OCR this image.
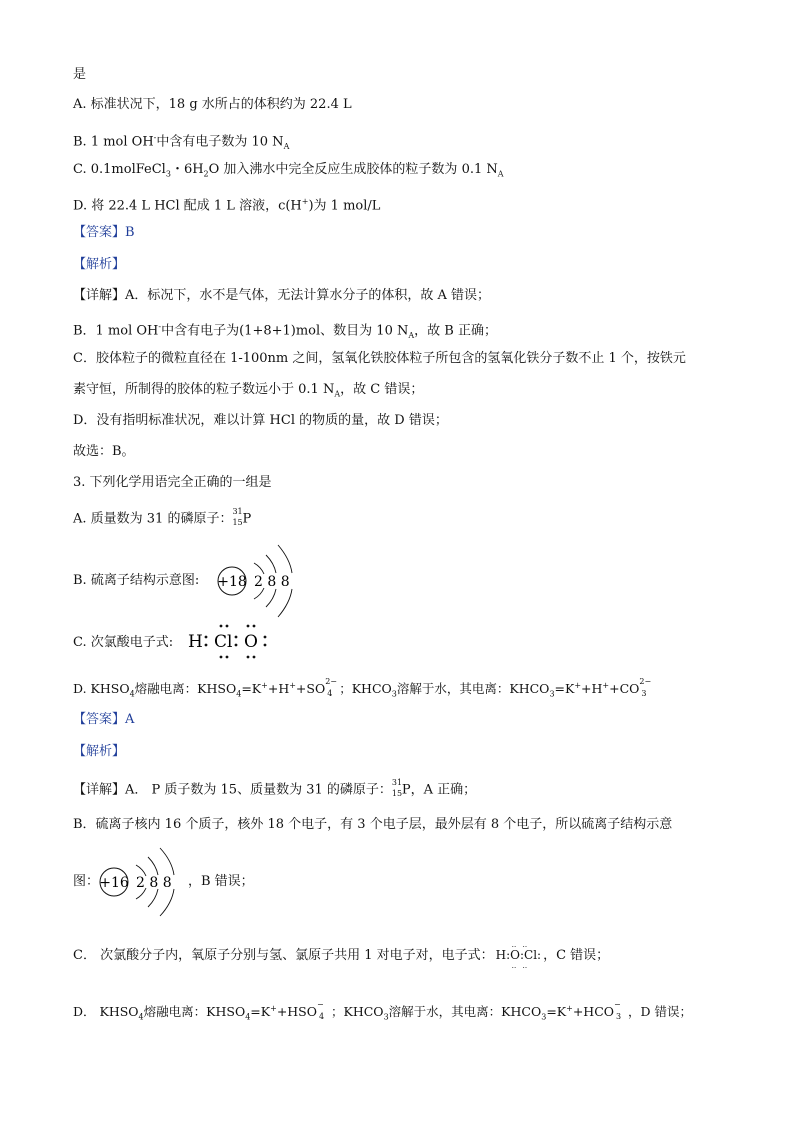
是
A. 标准状况下，18 g 水所占的体积约为 22.4 L
B. 1 mol OH-中含有电子数为 10 $N_A$
C. 0.1molFeCl$_3$・$6H_2O$ 加入沸水中完全反应生成胶体的粒子数为 0.1 $N_A$
D. 将 22.4 L HCl 配成 1 L 溶液，c(H+)为 1 mol/L
【答案】B
【解析】
【详解】A．标况下，水不是气体，无法计算水分子的体积，故 A 错误；
B．1 mol OH-中含有电子为(1+8+1)mol、数目为 10 $N_A$，故 B 正确；
C．胶体粒子的微粒直径在 1-100nm 之间，氢氧化铁胶体粒子所包含的氢氧化铁分子数不止 1 个，按铁元
素守恒，所制得的胶体的粒子数远小于 0.1 $N_A$，故 C 错误；
D．没有指明标准状况，难以计算 HCl 的物质的量，故 D 错误；
故选：B。
3. 下列化学用语完全正确的一组是
A. 质量数为 31 的磷原子： 31
15 P
B. 硫离子结构示意图: +18 2 8 8
C. 次氯酸电子式: H Cl O
D. $KHSO_4$熔融电离：$KHSO_4=K^++H^++SO$ 2−
4 ；$KHCO_3$溶解于水，其电离：$KHCO_3=K^++H^++CO$ 2−
3
【答案】A
【解析】
【详解】A． P 质子数为 15、质量数为 31 的磷原子： 31
15 P，A 正确；
B．硫离子核内 16 个质子，核外 18 个电子，有 3 个电子层，最外层有 8 个电子，所以硫离子结构示意
图： +16 2 8 8 ，B 错误；
C． 次氯酸分子内，氧原子分别与氢、氯原子共用 1 对电子对，电子式：
‥ ‥
H:O:Cl:
‥ ‥
，C 错误；
D． $KHSO_4$熔融电离：$KHSO_4=K^++HSO$ −
4 ；$KHCO_3$溶解于水，其电离：$KHCO_3=K^++HCO$ −
3 ，D 错误；
